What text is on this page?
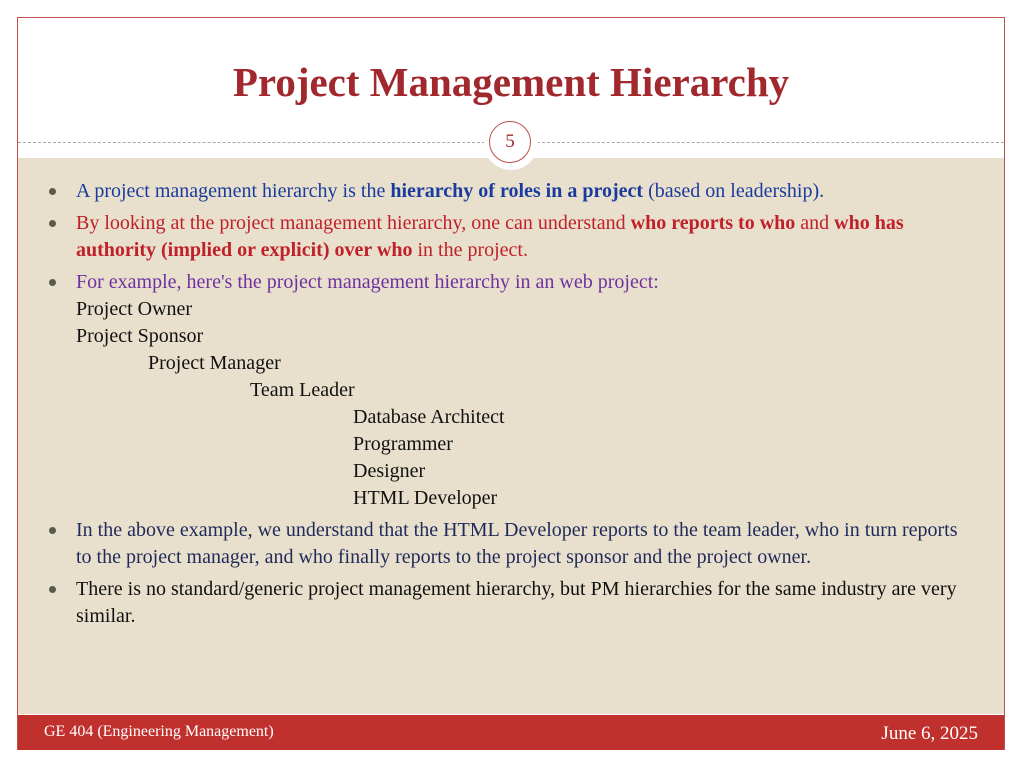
Project Management Hierarchy
5
A project management hierarchy is the hierarchy of roles in a project (based on leadership).
By looking at the project management hierarchy, one can understand who reports to who and who has authority (implied or explicit) over who in the project.
For example, here's the project management hierarchy in an web project:
Project Owner
Project Sponsor
Project Manager
Team Leader
Database Architect
Programmer
Designer
HTML Developer
In the above example, we understand that the HTML Developer reports to the team leader, who in turn reports to the project manager, and who finally reports to the project sponsor and the project owner.
There is no standard/generic project management hierarchy, but PM hierarchies for the same industry are very similar.
GE 404 (Engineering Management)	June 6, 2025
